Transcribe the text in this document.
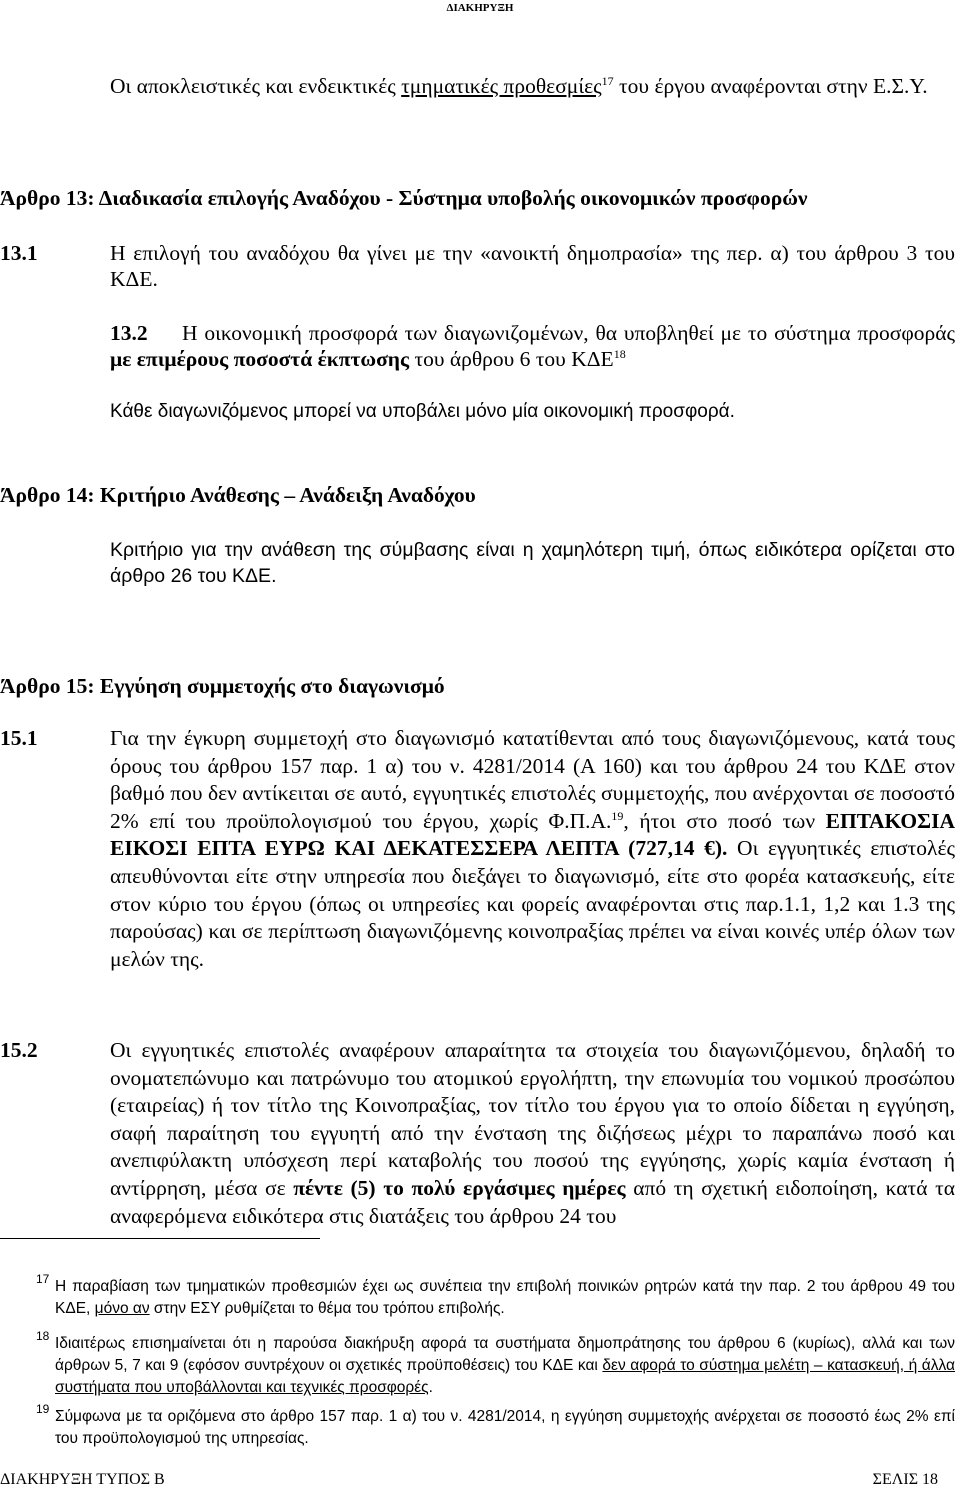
ΔΙΑΚΗΡΥΞΗ
Οι αποκλειστικές και ενδεικτικές τμηματικές προθεσμίες$^{17}$ του έργου αναφέρονται στην Ε.Σ.Υ.
Άρθρο 13: Διαδικασία επιλογής Αναδόχου - Σύστημα υποβολής οικονομικών προσφορών
13.1	Η επιλογή του αναδόχου θα γίνει με την «ανοικτή δημοπρασία» της περ. α) του άρθρου 3 του ΚΔΕ.
13.2	Η οικονομική προσφορά των διαγωνιζομένων, θα υποβληθεί με το σύστημα προσφοράς με επιμέρους ποσοστά έκπτωσης του άρθρου 6 του ΚΔΕ$^{18}$
Κάθε διαγωνιζόμενος μπορεί να υποβάλει μόνο μία οικονομική προσφορά.
Άρθρο 14: Κριτήριο Ανάθεσης – Ανάδειξη Αναδόχου
Κριτήριο για την ανάθεση της σύμβασης είναι η χαμηλότερη τιμή, όπως ειδικότερα ορίζεται στο άρθρο 26 του ΚΔΕ.
Άρθρο 15: Εγγύηση συμμετοχής στο διαγωνισμό
15.1	Για την έγκυρη συμμετοχή στο διαγωνισμό κατατίθενται από τους διαγωνιζόμενους, κατά τους όρους του άρθρου 157 παρ. 1 α) του ν. 4281/2014 (Α 160) και του άρθρου 24 του ΚΔΕ στον βαθμό που δεν αντίκειται σε αυτό, εγγυητικές επιστολές συμμετοχής, που ανέρχονται σε ποσοστό 2% επί του προϋπολογισμού του έργου, χωρίς Φ.Π.Α.$^{19}$, ήτοι στο ποσό των ΕΠΤΑΚΟΣΙΑ ΕΙΚΟΣΙ ΕΠΤΑ ΕΥΡΩ ΚΑΙ ΔΕΚΑΤΕΣΣΕΡΑ ΛΕΠΤΑ (727,14 €). Οι εγγυητικές επιστολές απευθύνονται είτε στην υπηρεσία που διεξάγει το διαγωνισμό, είτε στο φορέα κατασκευής, είτε στον κύριο του έργου (όπως οι υπηρεσίες και φορείς αναφέρονται στις παρ.1.1, 1,2 και 1.3 της παρούσας) και σε περίπτωση διαγωνιζόμενης κοινοπραξίας πρέπει να είναι κοινές υπέρ όλων των μελών της.
15.2	Οι εγγυητικές επιστολές αναφέρουν απαραίτητα τα στοιχεία του διαγωνιζόμενου, δηλαδή το ονοματεπώνυμο και πατρώνυμο του ατομικού εργολήπτη, την επωνυμία του νομικού προσώπου (εταιρείας) ή τον τίτλο της Κοινοπραξίας, τον τίτλο του έργου για το οποίο δίδεται η εγγύηση, σαφή παραίτηση του εγγυητή από την ένσταση της διζήσεως μέχρι το παραπάνω ποσό και ανεπιφύλακτη υπόσχεση περί καταβολής του ποσού της εγγύησης, χωρίς καμία ένσταση ή αντίρρηση, μέσα σε πέντε (5) το πολύ εργάσιμες ημέρες από τη σχετική ειδοποίηση, κατά τα αναφερόμενα ειδικότερα στις διατάξεις του άρθρου 24 του
17 Η παραβίαση των τμηματικών προθεσμιών έχει ως συνέπεια την επιβολή ποινικών ρητρών κατά την παρ. 2 του άρθρου 49 του ΚΔΕ, μόνο αν στην ΕΣΥ ρυθμίζεται το θέμα του τρόπου επιβολής.
18 Ιδιαιτέρως επισημαίνεται ότι η παρούσα διακήρυξη αφορά τα συστήματα δημοπράτησης του άρθρου 6 (κυρίως), αλλά και των άρθρων 5, 7 και 9 (εφόσον συντρέχουν οι σχετικές προϋποθέσεις) του ΚΔΕ και δεν αφορά το σύστημα μελέτη – κατασκευή, ή άλλα συστήματα που υποβάλλονται και τεχνικές προσφορές.
19 Σύμφωνα με τα οριζόμενα στο άρθρο 157 παρ. 1 α) του ν. 4281/2014, η εγγύηση συμμετοχής ανέρχεται σε ποσοστό έως 2% επί του προϋπολογισμού της υπηρεσίας.
ΔΙΑΚΗΡΥΞΗ ΤΥΠΟΣ Β	ΣΕΛΙΣ 18
